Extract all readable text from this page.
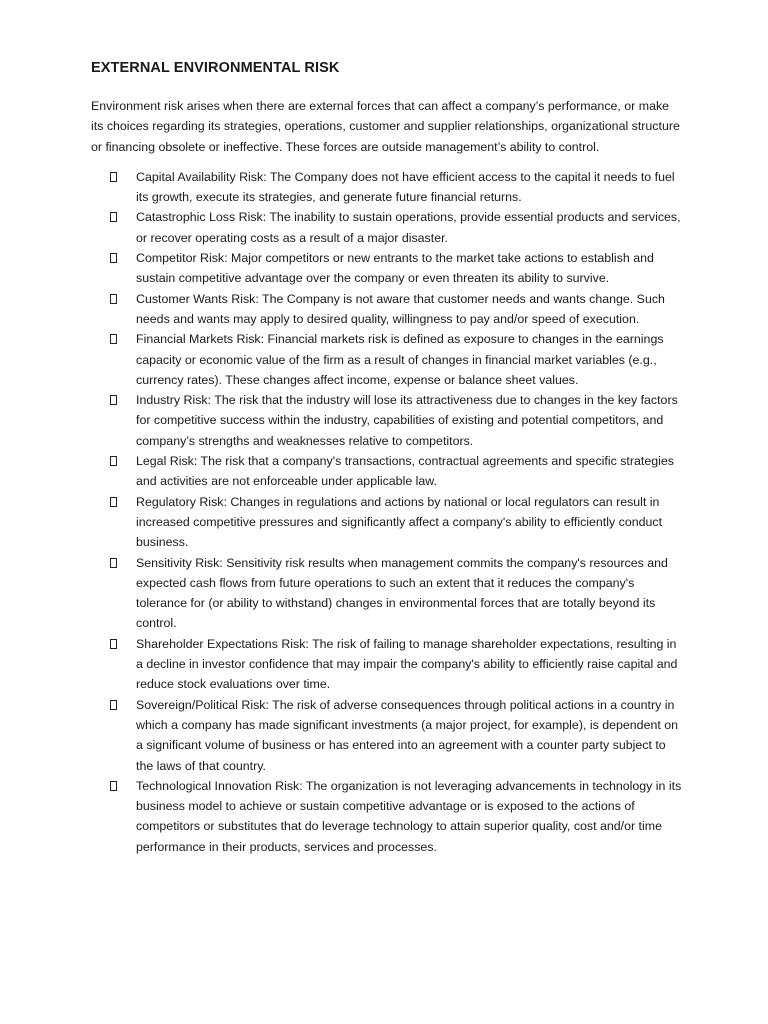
EXTERNAL ENVIRONMENTAL RISK

Environment risk arises when there are external forces that can affect a company’s performance, or make its choices regarding its strategies, operations, customer and supplier relationships, organizational structure or financing obsolete or ineffective. These forces are outside management’s ability to control.

Capital Availability Risk: The Company does not have efficient access to the capital it needs to fuel its growth, execute its strategies, and generate future financial returns.
Catastrophic Loss Risk: The inability to sustain operations, provide essential products and services, or recover operating costs as a result of a major disaster.
Competitor Risk: Major competitors or new entrants to the market take actions to establish and sustain competitive advantage over the company or even threaten its ability to survive.
Customer Wants Risk: The Company is not aware that customer needs and wants change. Such needs and wants may apply to desired quality, willingness to pay and/or speed of execution.
Financial Markets Risk: Financial markets risk is defined as exposure to changes in the earnings capacity or economic value of the firm as a result of changes in financial market variables (e.g., currency rates). These changes affect income, expense or balance sheet values.
Industry Risk: The risk that the industry will lose its attractiveness due to changes in the key factors for competitive success within the industry, capabilities of existing and potential competitors, and company’s strengths and weaknesses relative to competitors.
Legal Risk: The risk that a company's transactions, contractual agreements and specific strategies and activities are not enforceable under applicable law.
Regulatory Risk: Changes in regulations and actions by national or local regulators can result in increased competitive pressures and significantly affect a company's ability to efficiently conduct business.
Sensitivity Risk: Sensitivity risk results when management commits the company's resources and expected cash flows from future operations to such an extent that it reduces the company's tolerance for (or ability to withstand) changes in environmental forces that are totally beyond its control.
Shareholder Expectations Risk: The risk of failing to manage shareholder expectations, resulting in a decline in investor confidence that may impair the company's ability to efficiently raise capital and reduce stock evaluations over time.
Sovereign/Political Risk: The risk of adverse consequences through political actions in a country in which a company has made significant investments (a major project, for example), is dependent on a significant volume of business or has entered into an agreement with a counter party subject to the laws of that country.
Technological Innovation Risk: The organization is not leveraging advancements in technology in its business model to achieve or sustain competitive advantage or is exposed to the actions of competitors or substitutes that do leverage technology to attain superior quality, cost and/or time performance in their products, services and processes.
